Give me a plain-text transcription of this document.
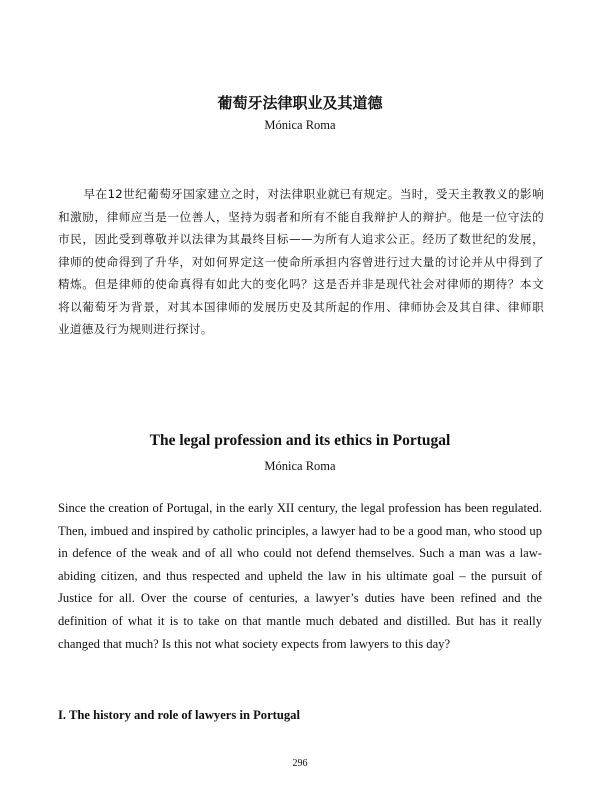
葡萄牙法律职业及其道德
Mónica Roma

早在12世纪葡萄牙国家建立之时，对法律职业就已有规定。当时，受天主教教义的影响和激励，律师应当是一位善人，坚持为弱者和所有不能自我辩护人的辩护。他是一位守法的市民，因此受到尊敬并以法律为其最终目标——为所有人追求公正。经历了数世纪的发展，律师的使命得到了升华，对如何界定这一使命所承担内容曾进行过大量的讨论并从中得到了精炼。但是律师的使命真得有如此大的变化吗？这是否并非是现代社会对律师的期待？本文将以葡萄牙为背景，对其本国律师的发展历史及其所起的作用、律师协会及其自律、律师职业道德及行为规则进行探讨。

The legal profession and its ethics in Portugal
Mónica Roma

Since the creation of Portugal, in the early XII century, the legal profession has been regulated. Then, imbued and inspired by catholic principles, a lawyer had to be a good man, who stood up in defence of the weak and of all who could not defend themselves. Such a man was a law-abiding citizen, and thus respected and upheld the law in his ultimate goal – the pursuit of Justice for all. Over the course of centuries, a lawyer’s duties have been refined and the definition of what it is to take on that mantle much debated and distilled. But has it really changed that much? Is this not what society expects from lawyers to this day?

I. The history and role of lawyers in Portugal
296
